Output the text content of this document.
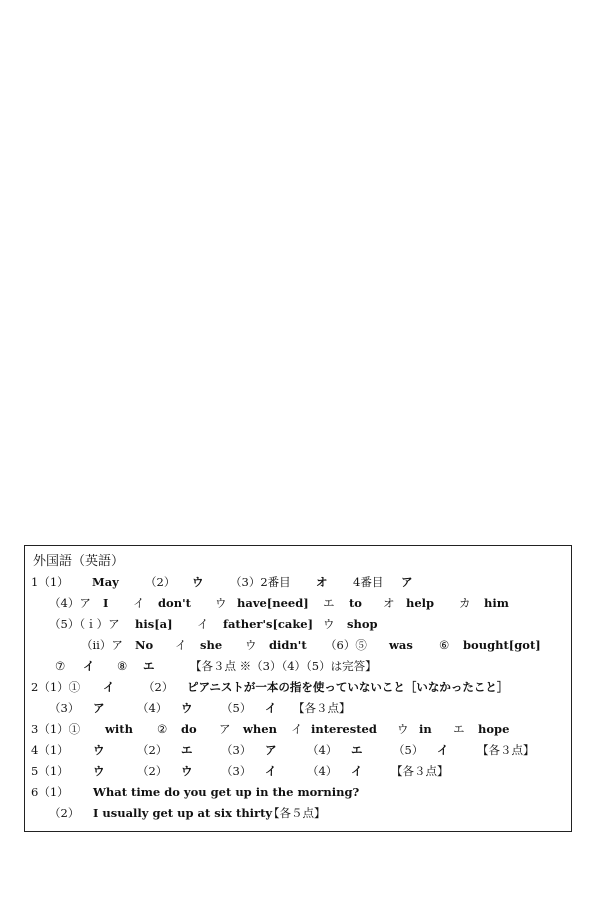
外国語（英語）
1（1） May （2） ウ （3）2番目 オ 4番目 ア
（4）ア I イ don't ウ have[need] エ to オ help カ him
（5）（ｉ）ア his[a] イ father's[cake] ウ shop
（ⅱ）ア No イ she ウ didn't （6）⑤ was ⑥ bought[got]
⑦ イ ⑧ エ	【各３点 ※（3）（4）（5）は完答】
2（1）① イ （2） ピアニストが一本の指を使っていないこと［いなかったこと］
（3） ア	（4） ウ （5） イ 【各３点】
3（1）① with ② do ア when イ interested ウ in エ hope
4（1） ウ	（2） エ （3） ア	（4） エ	（5） イ 【各３点】
5（1） ウ	（2） ウ （3） イ	（4） イ 【各３点】
6（1） What time do you get up in the morning?
（2） I usually get up at six thirty
【各５点】
